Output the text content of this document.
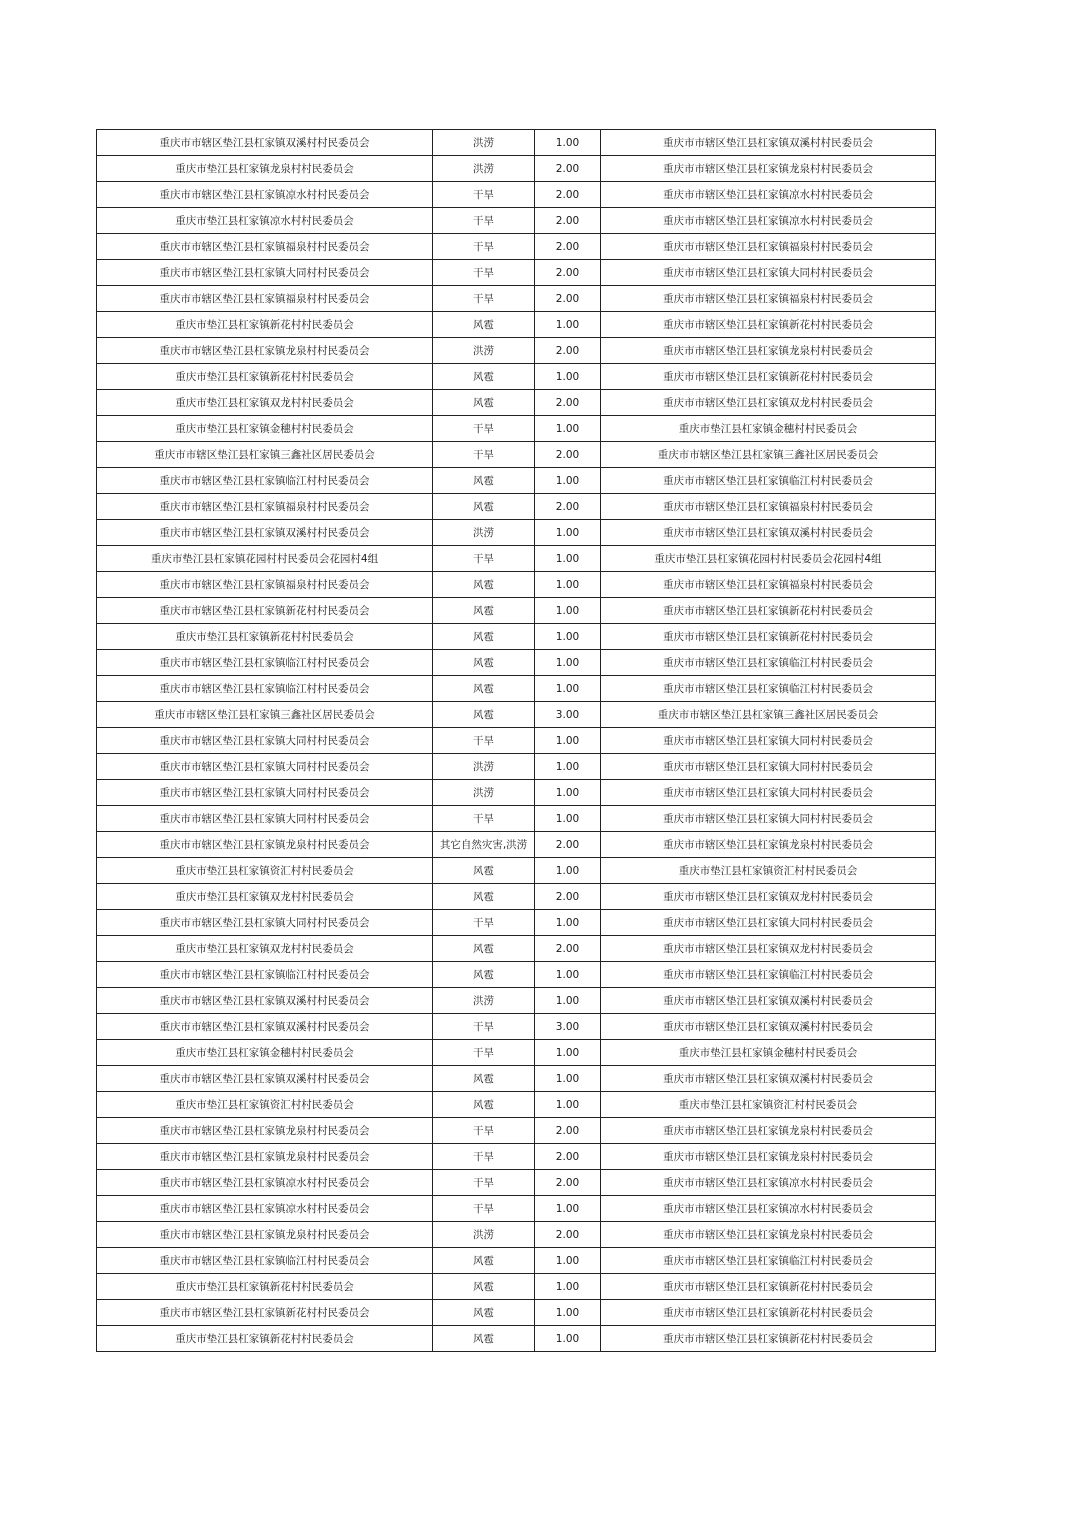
重庆市市辖区垫江县杠家镇双溪村村民委员会	洪涝	1.00	重庆市市辖区垫江县杠家镇双溪村村民委员会
重庆市垫江县杠家镇龙泉村村民委员会	洪涝	2.00	重庆市市辖区垫江县杠家镇龙泉村村民委员会
重庆市市辖区垫江县杠家镇凉水村村民委员会	干旱	2.00	重庆市市辖区垫江县杠家镇凉水村村民委员会
重庆市垫江县杠家镇凉水村村民委员会	干旱	2.00	重庆市市辖区垫江县杠家镇凉水村村民委员会
重庆市市辖区垫江县杠家镇福泉村村民委员会	干旱	2.00	重庆市市辖区垫江县杠家镇福泉村村民委员会
重庆市市辖区垫江县杠家镇大同村村民委员会	干旱	2.00	重庆市市辖区垫江县杠家镇大同村村民委员会
重庆市市辖区垫江县杠家镇福泉村村民委员会	干旱	2.00	重庆市市辖区垫江县杠家镇福泉村村民委员会
重庆市垫江县杠家镇新花村村民委员会	风雹	1.00	重庆市市辖区垫江县杠家镇新花村村民委员会
重庆市市辖区垫江县杠家镇龙泉村村民委员会	洪涝	2.00	重庆市市辖区垫江县杠家镇龙泉村村民委员会
重庆市垫江县杠家镇新花村村民委员会	风雹	1.00	重庆市市辖区垫江县杠家镇新花村村民委员会
重庆市垫江县杠家镇双龙村村民委员会	风雹	2.00	重庆市市辖区垫江县杠家镇双龙村村民委员会
重庆市垫江县杠家镇金穗村村民委员会	干旱	1.00	重庆市垫江县杠家镇金穗村村民委员会
重庆市市辖区垫江县杠家镇三鑫社区居民委员会	干旱	2.00	重庆市市辖区垫江县杠家镇三鑫社区居民委员会
重庆市市辖区垫江县杠家镇临江村村民委员会	风雹	1.00	重庆市市辖区垫江县杠家镇临江村村民委员会
重庆市市辖区垫江县杠家镇福泉村村民委员会	风雹	2.00	重庆市市辖区垫江县杠家镇福泉村村民委员会
重庆市市辖区垫江县杠家镇双溪村村民委员会	洪涝	1.00	重庆市市辖区垫江县杠家镇双溪村村民委员会
重庆市垫江县杠家镇花园村村民委员会花园村4组	干旱	1.00	重庆市垫江县杠家镇花园村村民委员会花园村4组
重庆市市辖区垫江县杠家镇福泉村村民委员会	风雹	1.00	重庆市市辖区垫江县杠家镇福泉村村民委员会
重庆市市辖区垫江县杠家镇新花村村民委员会	风雹	1.00	重庆市市辖区垫江县杠家镇新花村村民委员会
重庆市垫江县杠家镇新花村村民委员会	风雹	1.00	重庆市市辖区垫江县杠家镇新花村村民委员会
重庆市市辖区垫江县杠家镇临江村村民委员会	风雹	1.00	重庆市市辖区垫江县杠家镇临江村村民委员会
重庆市市辖区垫江县杠家镇临江村村民委员会	风雹	1.00	重庆市市辖区垫江县杠家镇临江村村民委员会
重庆市市辖区垫江县杠家镇三鑫社区居民委员会	风雹	3.00	重庆市市辖区垫江县杠家镇三鑫社区居民委员会
重庆市市辖区垫江县杠家镇大同村村民委员会	干旱	1.00	重庆市市辖区垫江县杠家镇大同村村民委员会
重庆市市辖区垫江县杠家镇大同村村民委员会	洪涝	1.00	重庆市市辖区垫江县杠家镇大同村村民委员会
重庆市市辖区垫江县杠家镇大同村村民委员会	洪涝	1.00	重庆市市辖区垫江县杠家镇大同村村民委员会
重庆市市辖区垫江县杠家镇大同村村民委员会	干旱	1.00	重庆市市辖区垫江县杠家镇大同村村民委员会
重庆市市辖区垫江县杠家镇龙泉村村民委员会	其它自然灾害,洪涝	2.00	重庆市市辖区垫江县杠家镇龙泉村村民委员会
重庆市垫江县杠家镇资汇村村民委员会	风雹	1.00	重庆市垫江县杠家镇资汇村村民委员会
重庆市垫江县杠家镇双龙村村民委员会	风雹	2.00	重庆市市辖区垫江县杠家镇双龙村村民委员会
重庆市市辖区垫江县杠家镇大同村村民委员会	干旱	1.00	重庆市市辖区垫江县杠家镇大同村村民委员会
重庆市垫江县杠家镇双龙村村民委员会	风雹	2.00	重庆市市辖区垫江县杠家镇双龙村村民委员会
重庆市市辖区垫江县杠家镇临江村村民委员会	风雹	1.00	重庆市市辖区垫江县杠家镇临江村村民委员会
重庆市市辖区垫江县杠家镇双溪村村民委员会	洪涝	1.00	重庆市市辖区垫江县杠家镇双溪村村民委员会
重庆市市辖区垫江县杠家镇双溪村村民委员会	干旱	3.00	重庆市市辖区垫江县杠家镇双溪村村民委员会
重庆市垫江县杠家镇金穗村村民委员会	干旱	1.00	重庆市垫江县杠家镇金穗村村民委员会
重庆市市辖区垫江县杠家镇双溪村村民委员会	风雹	1.00	重庆市市辖区垫江县杠家镇双溪村村民委员会
重庆市垫江县杠家镇资汇村村民委员会	风雹	1.00	重庆市垫江县杠家镇资汇村村民委员会
重庆市市辖区垫江县杠家镇龙泉村村民委员会	干旱	2.00	重庆市市辖区垫江县杠家镇龙泉村村民委员会
重庆市市辖区垫江县杠家镇龙泉村村民委员会	干旱	2.00	重庆市市辖区垫江县杠家镇龙泉村村民委员会
重庆市市辖区垫江县杠家镇凉水村村民委员会	干旱	2.00	重庆市市辖区垫江县杠家镇凉水村村民委员会
重庆市市辖区垫江县杠家镇凉水村村民委员会	干旱	1.00	重庆市市辖区垫江县杠家镇凉水村村民委员会
重庆市市辖区垫江县杠家镇龙泉村村民委员会	洪涝	2.00	重庆市市辖区垫江县杠家镇龙泉村村民委员会
重庆市市辖区垫江县杠家镇临江村村民委员会	风雹	1.00	重庆市市辖区垫江县杠家镇临江村村民委员会
重庆市垫江县杠家镇新花村村民委员会	风雹	1.00	重庆市市辖区垫江县杠家镇新花村村民委员会
重庆市市辖区垫江县杠家镇新花村村民委员会	风雹	1.00	重庆市市辖区垫江县杠家镇新花村村民委员会
重庆市垫江县杠家镇新花村村民委员会	风雹	1.00	重庆市市辖区垫江县杠家镇新花村村民委员会
